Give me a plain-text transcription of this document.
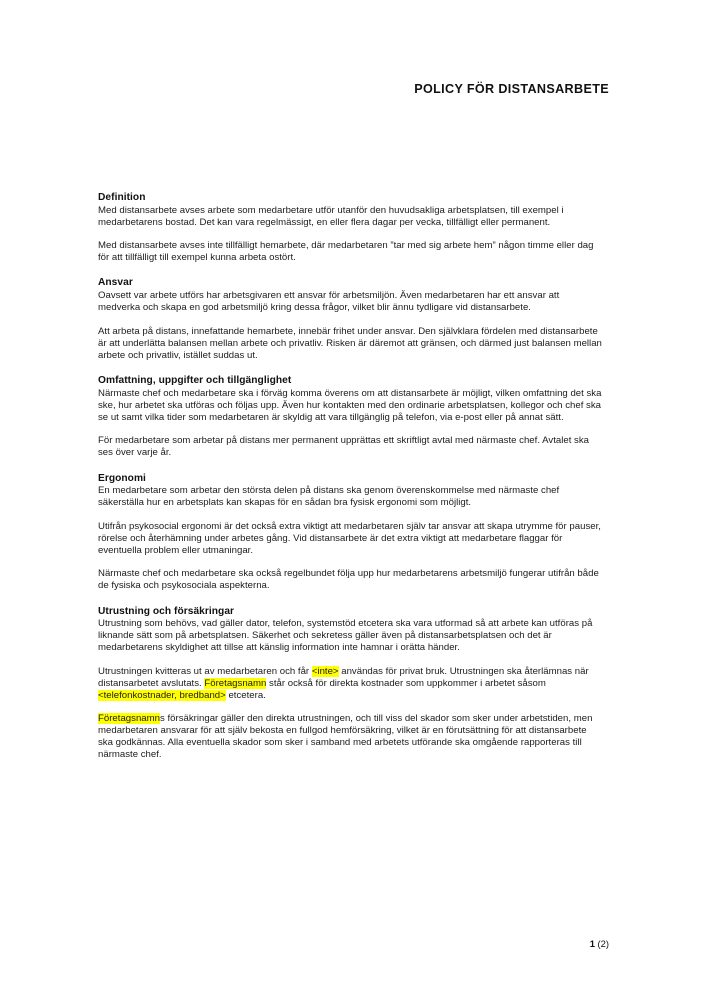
POLICY FÖR DISTANSARBETE
Definition

Med distansarbete avses arbete som medarbetare utför utanför den huvudsakliga arbetsplatsen, till exempel i medarbetarens bostad. Det kan vara regelmässigt, en eller flera dagar per vecka, tillfälligt eller permanent.

Med distansarbete avses inte tillfälligt hemarbete, där medarbetaren ”tar med sig arbete hem” någon timme eller dag för att tillfälligt till exempel kunna arbeta ostört.

Ansvar

Oavsett var arbete utförs har arbetsgivaren ett ansvar för arbetsmiljön. Även medarbetaren har ett ansvar att medverka och skapa en god arbetsmiljö kring dessa frågor, vilket blir ännu tydligare vid distansarbete.

Att arbeta på distans, innefattande hemarbete, innebär frihet under ansvar. Den självklara fördelen med distansarbete är att underlätta balansen mellan arbete och privatliv. Risken är däremot att gränsen, och därmed just balansen mellan arbete och privatliv, istället suddas ut.

Omfattning, uppgifter och tillgänglighet

Närmaste chef och medarbetare ska i förväg komma överens om att distansarbete är möjligt, vilken omfattning det ska ske, hur arbetet ska utföras och följas upp. Även hur kontakten med den ordinarie arbetsplatsen, kollegor och chef ska se ut samt vilka tider som medarbetaren är skyldig att vara tillgänglig på telefon, via e-post eller på annat sätt.

För medarbetare som arbetar på distans mer permanent upprättas ett skriftligt avtal med närmaste chef. Avtalet ska ses över varje år.

Ergonomi

En medarbetare som arbetar den största delen på distans ska genom överenskommelse med närmaste chef säkerställa hur en arbetsplats kan skapas för en sådan bra fysisk ergonomi som möjligt.

Utifrån psykosocial ergonomi är det också extra viktigt att medarbetaren själv tar ansvar att skapa utrymme för pauser, rörelse och återhämning under arbetes gång. Vid distansarbete är det extra viktigt att medarbetare flaggar för eventuella problem eller utmaningar.

Närmaste chef och medarbetare ska också regelbundet följa upp hur medarbetarens arbetsmiljö fungerar utifrån både de fysiska och psykosociala aspekterna.

Utrustning och försäkringar

Utrustning som behövs, vad gäller dator, telefon, systemstöd etcetera ska vara utformad så att arbete kan utföras på liknande sätt som på arbetsplatsen. Säkerhet och sekretess gäller även på distansarbetsplatsen och det är medarbetarens skyldighet att tillse att känslig information inte hamnar i orätta händer.

Utrustningen kvitteras ut av medarbetaren och får <inte> användas för privat bruk. Utrustningen ska återlämnas när distansarbetet avslutats. Företagsnamn står också för direkta kostnader som uppkommer i arbetet såsom <telefonkostnader, bredband> etcetera.

Företagsnamns försäkringar gäller den direkta utrustningen, och till viss del skador som sker under arbetstiden, men medarbetaren ansvarar för att själv bekosta en fullgod hemförsäkring, vilket är en förutsättning för att distansarbete ska godkännas. Alla eventuella skador som sker i samband med arbetets utförande ska omgående rapporteras till närmaste chef.

1 (2)
